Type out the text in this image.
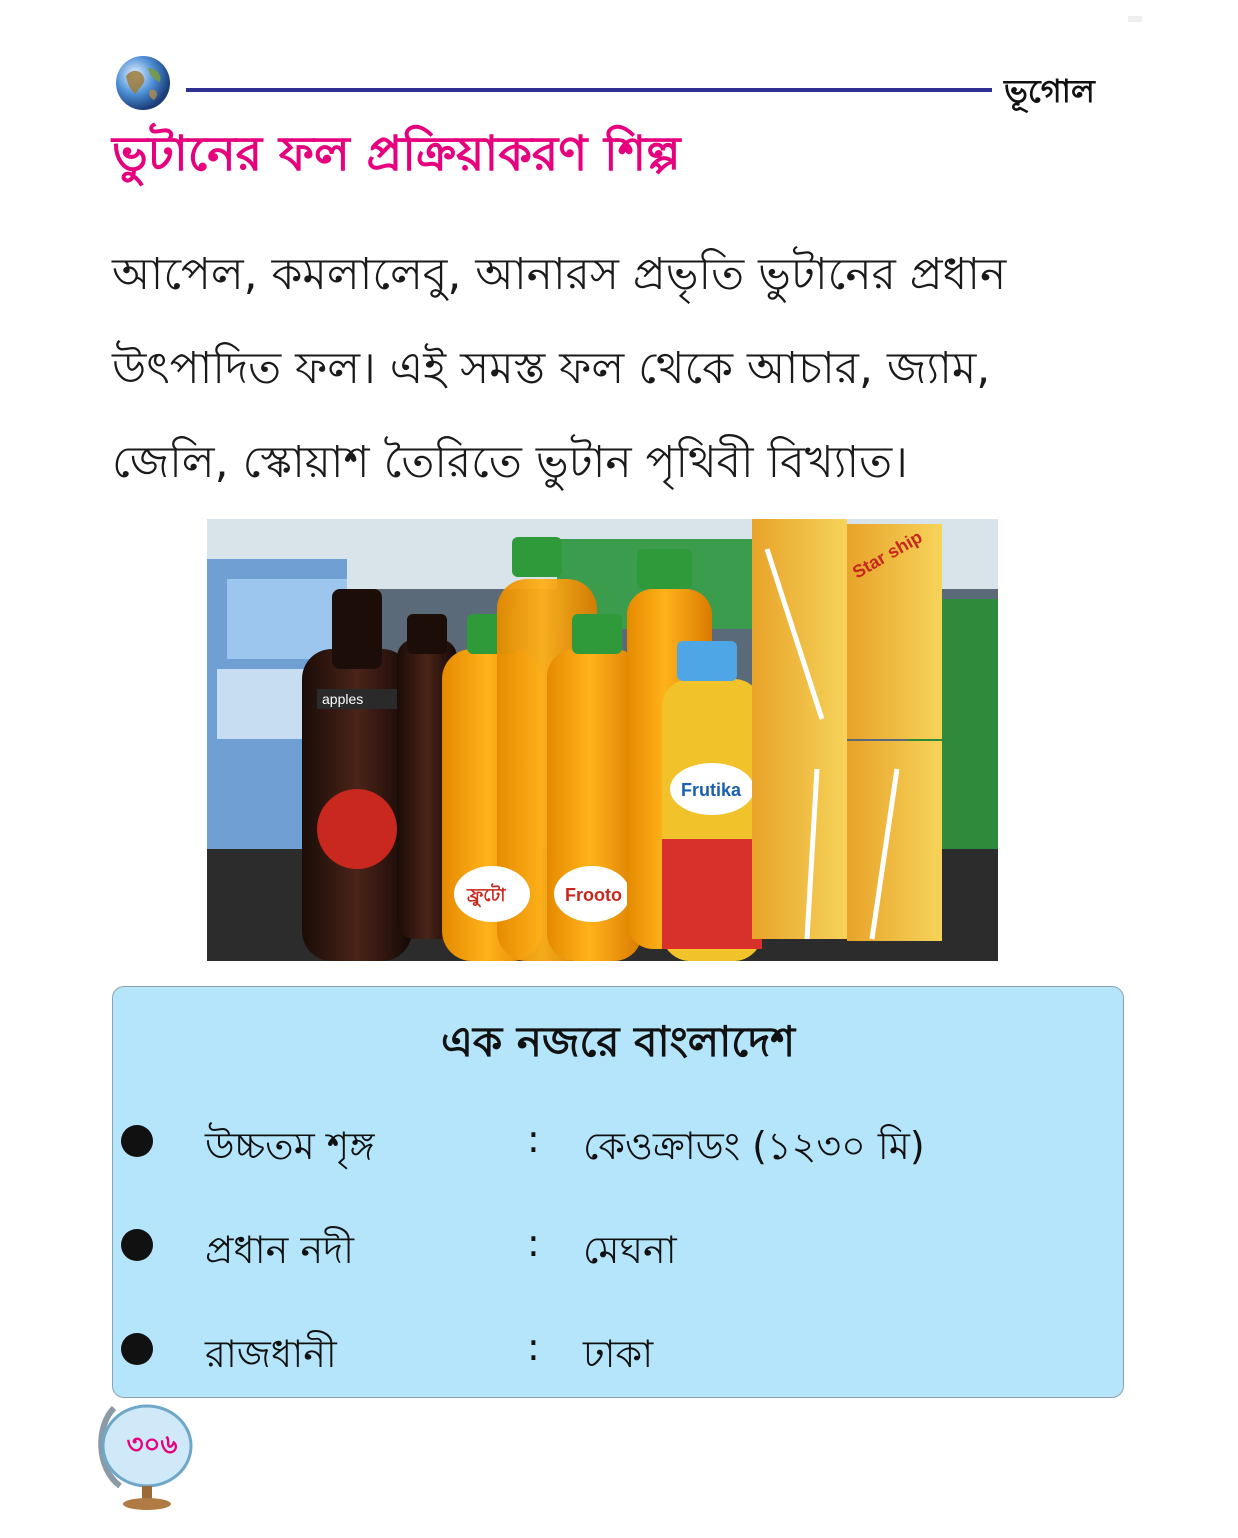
ভূগোল
ভুটানের ফল প্রক্রিয়াকরণ শিল্প
আপেল, কমলালেবু, আনারস প্রভৃতি ভুটানের প্রধান
উৎপাদিত ফল। এই সমস্ত ফল থেকে আচার, জ্যাম,
জেলি, স্কোয়াশ তৈরিতে ভুটান পৃথিবী বিখ্যাত।
apples
Frooto
ফ্রুটো
Frutika
Star ship
এক নজরে বাংলাদেশ
উচ্চতম শৃঙ্গ	: কেওক্রাডং (১২৩০ মি)
প্রধান নদী	: মেঘনা
রাজধানী	: ঢাকা
৩০৬
